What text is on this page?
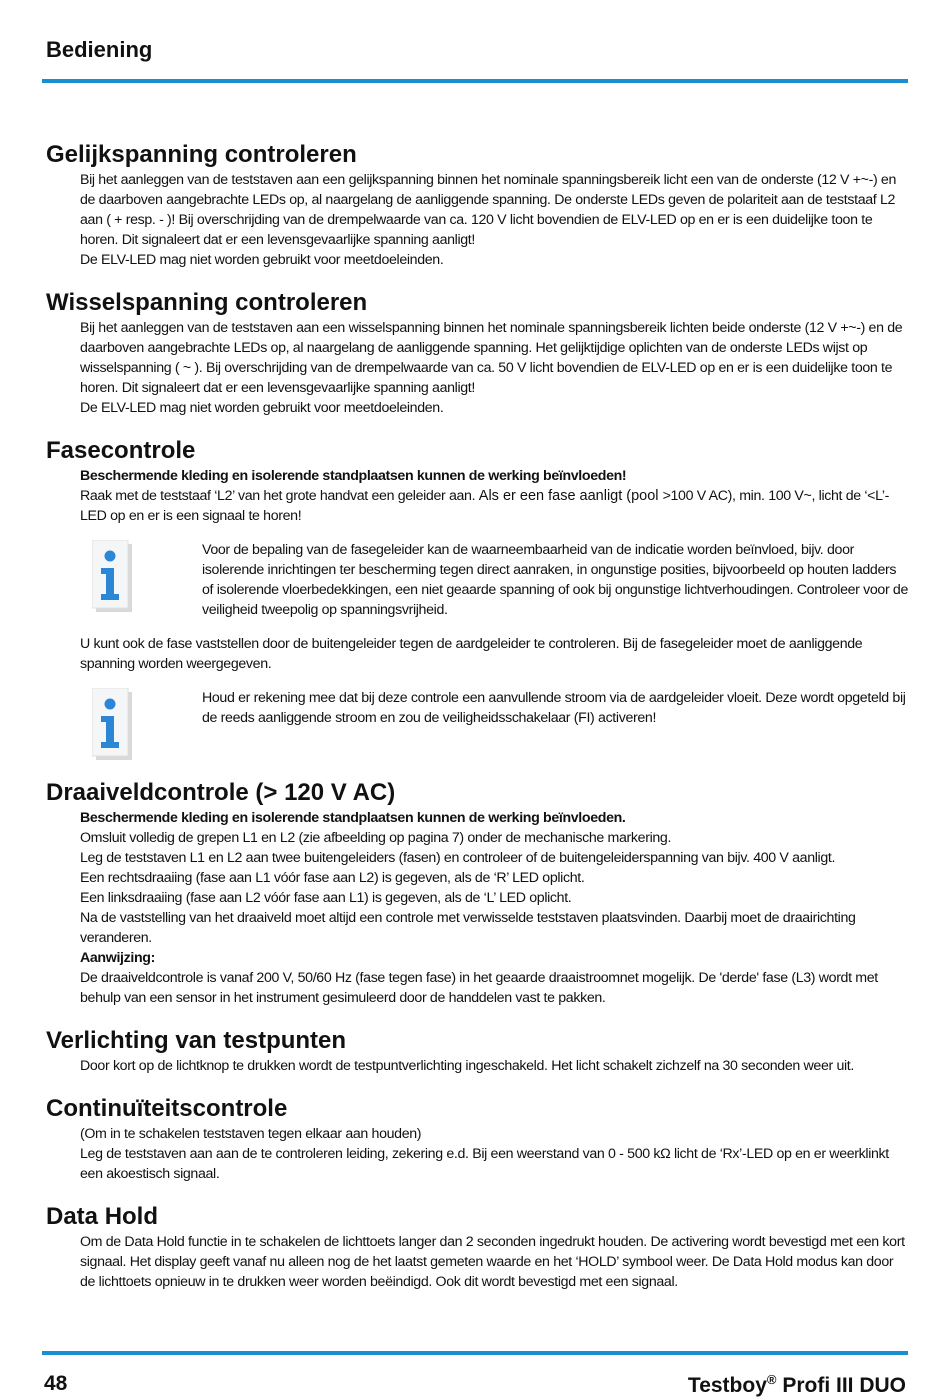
Bediening
Gelijkspanning controleren

Bij het aanleggen van de teststaven aan een gelijkspanning binnen het nominale spanningsbereik licht een van de onderste (12 V +~-) en de daarboven aangebrachte LEDs op, al naargelang de aanliggende spanning. De onderste LEDs geven de polariteit aan de teststaaf L2 aan ( + resp. - )! Bij overschrijding van de drempelwaarde van ca. 120 V licht bovendien de ELV-LED op en er is een duidelijke toon te horen. Dit signaleert dat er een levensgevaarlijke spanning aanligt!

De ELV-LED mag niet worden gebruikt voor meetdoeleinden.

Wisselspanning controleren

Bij het aanleggen van de teststaven aan een wisselspanning binnen het nominale spanningsbereik lichten beide onderste (12 V +~-) en de daarboven aangebrachte LEDs op, al naargelang de aanliggende spanning. Het gelijktijdige oplichten van de onderste LEDs wijst op wisselspanning ( ~ ). Bij overschrijding van de drempelwaarde van ca. 50 V licht bovendien de ELV-LED op en er is een duidelijke toon te horen. Dit signaleert dat er een levensgevaarlijke spanning aanligt!

De ELV-LED mag niet worden gebruikt voor meetdoeleinden.

Fasecontrole

Beschermende kleding en isolerende standplaatsen kunnen de werking beïnvloeden!

Raak met de teststaaf ‘L2’ van het grote handvat een geleider aan. Als er een fase aanligt (pool >100 V AC), min. 100 V~, licht de ‘<L’-LED op en er is een signaal te horen!

Voor de bepaling van de fasegeleider kan de waarneembaarheid van de indicatie worden beïnvloed, bijv. door isolerende inrichtingen ter bescherming tegen direct aanraken, in ongunstige posities, bijvoorbeeld op houten ladders of isolerende vloerbedekkingen, een niet geaarde spanning of ook bij ongunstige lichtverhoudingen. Controleer voor de veiligheid tweepolig op spanningsvrijheid.

U kunt ook de fase vaststellen door de buitengeleider tegen de aardgeleider te controleren. Bij de fasegeleider moet de aanliggende spanning worden weergegeven.

Houd er rekening mee dat bij deze controle een aanvullende stroom via de aardgeleider vloeit. Deze wordt opgeteld bij de reeds aanliggende stroom en zou de veiligheidsschakelaar (FI) activeren!
Draaiveldcontrole (> 120 V AC)

Beschermende kleding en isolerende standplaatsen kunnen de werking beïnvloeden.

Omsluit volledig de grepen L1 en L2 (zie afbeelding op pagina 7) onder de mechanische markering.

Leg de teststaven L1 en L2 aan twee buitengeleiders (fasen) en controleer of de buitengeleiderspanning van bijv. 400 V aanligt.

Een rechtsdraaiing (fase aan L1 vóór fase aan L2) is gegeven, als de ‘R’ LED oplicht.

Een linksdraaiing (fase aan L2 vóór fase aan L1) is gegeven, als de ‘L’ LED oplicht.

Na de vaststelling van het draaiveld moet altijd een controle met verwisselde teststaven plaatsvinden. Daarbij moet de draairichting veranderen.

Aanwijzing:

De draaiveldcontrole is vanaf 200 V, 50/60 Hz (fase tegen fase) in het geaarde draaistroomnet mogelijk. De 'derde' fase (L3) wordt met behulp van een sensor in het instrument gesimuleerd door de handdelen vast te pakken.

Verlichting van testpunten

Door kort op de lichtknop te drukken wordt de testpuntverlichting ingeschakeld. Het licht schakelt zichzelf na 30 seconden weer uit.

Continuïteitscontrole

(Om in te schakelen teststaven tegen elkaar aan houden)

Leg de teststaven aan aan de te controleren leiding, zekering e.d. Bij een weerstand van 0 - 500 kΩ licht de ‘Rx’-LED op en er weerklinkt een akoestisch signaal.

Data Hold

Om de Data Hold functie in te schakelen de lichttoets langer dan 2 seconden ingedrukt houden. De activering wordt bevestigd met een kort signaal. Het display geeft vanaf nu alleen nog de het laatst gemeten waarde en het ‘HOLD’ symbool weer. De Data Hold modus kan door de lichttoets opnieuw in te drukken weer worden beëindigd. Ook dit wordt bevestigd met een signaal.

48	Testboy® Profi III DUO
